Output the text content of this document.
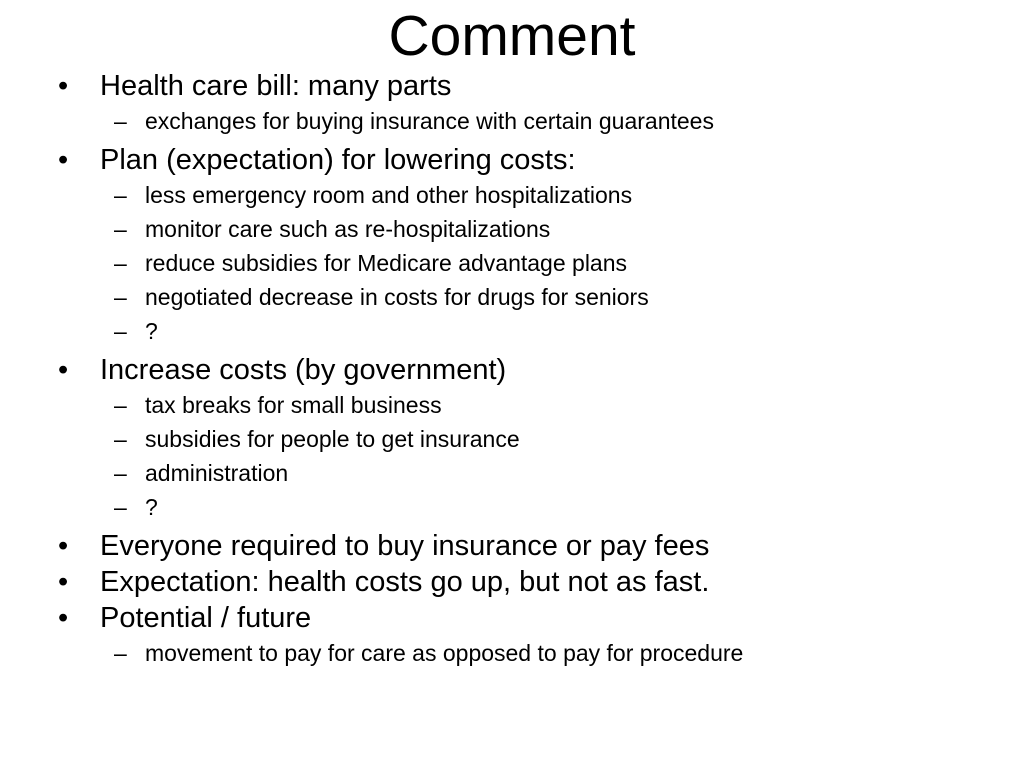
Comment
• Health care bill: many parts
– exchanges for buying insurance with certain guarantees
• Plan (expectation) for lowering costs:
– less emergency room and other hospitalizations
– monitor care such as re-hospitalizations
– reduce subsidies for Medicare advantage plans
– negotiated decrease in costs for drugs for seniors
– ?
• Increase costs (by government)
– tax breaks for small business
– subsidies for people to get insurance
– administration
– ?
• Everyone required to buy insurance or pay fees
• Expectation: health costs go up, but not as fast.
• Potential / future
– movement to pay for care as opposed to pay for procedure
